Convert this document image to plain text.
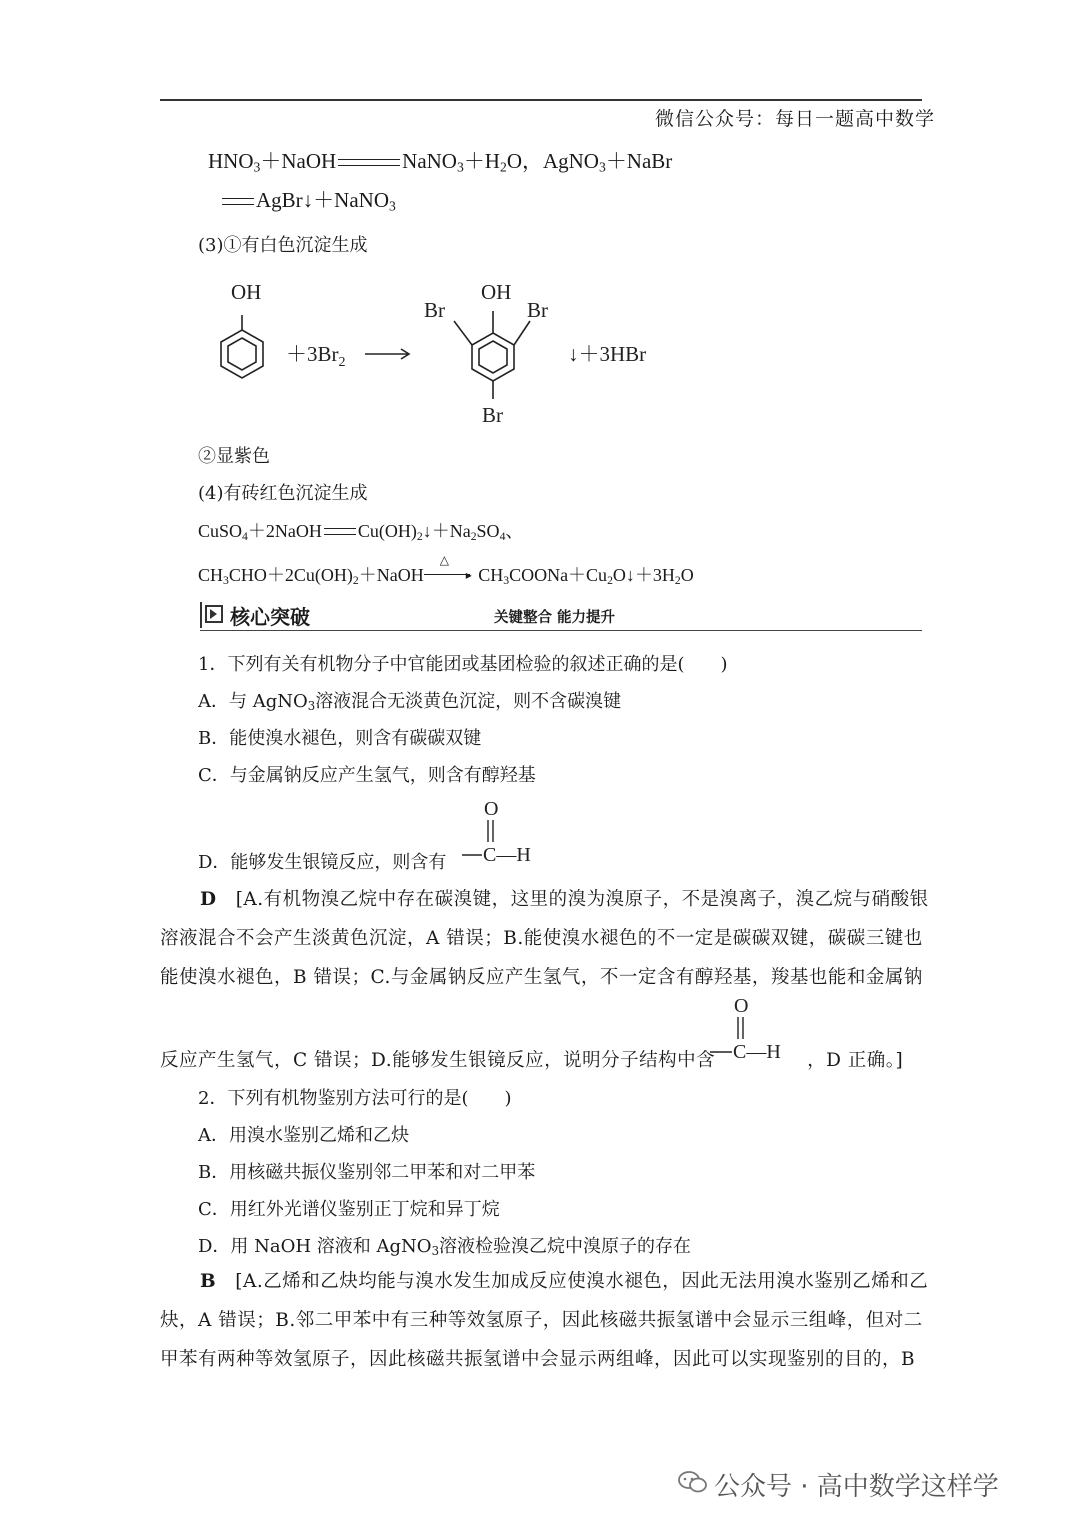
微信公众号：每日一题高中数学
$HNO_3+NaOH$	$NaNO_3+H_2O$，AgNO$_3$＋NaBr
AgBr↓＋NaNO$_3$
(3)①有白色沉淀生成
OH
$+3Br_2$
OH
Br	Br
Br
↓＋3HBr
②显紫色
(4)有砖红色沉淀生成
CuSO$_4$＋2NaOH $Cu(OH)_2↓+Na_2SO_4$、
$CH_3CHO+2Cu(OH)_2+NaOH$	▸
△
$CH_3COONa+Cu_2O↓+3H_2O$
核心突破	关键整合 能力提升
1．下列有关有机物分子中官能团或基团检验的叙述正确的是(　　)
A．与 AgNO$_3$溶液混合无淡黄色沉淀，则不含碳溴键
B．能使溴水褪色，则含有碳碳双键
C．与金属钠反应产生氢气，则含有醇羟基
D．能够发生银镜反应，则含有
O
C—H
D [A.有机物溴乙烷中存在碳溴键，这里的溴为溴原子，不是溴离子，溴乙烷与硝酸银
溶液混合不会产生淡黄色沉淀，A 错误；B.能使溴水褪色的不一定是碳碳双键，碳碳三键也
能使溴水褪色，B 错误；C.与金属钠反应产生氢气，不一定含有醇羟基，羧基也能和金属钠
反应产生氢气，C 错误；D.能够发生银镜反应，说明分子结构中含	，D 正确。]
O
C—H
2．下列有机物鉴别方法可行的是(　　)
A．用溴水鉴别乙烯和乙炔
B．用核磁共振仪鉴别邻二甲苯和对二甲苯
C．用红外光谱仪鉴别正丁烷和异丁烷
D．用 NaOH 溶液和 AgNO$_3$溶液检验溴乙烷中溴原子的存在
B [A.乙烯和乙炔均能与溴水发生加成反应使溴水褪色，因此无法用溴水鉴别乙烯和乙
炔，A 错误；B.邻二甲苯中有三种等效氢原子，因此核磁共振氢谱中会显示三组峰，但对二
甲苯有两种等效氢原子，因此核磁共振氢谱中会显示两组峰，因此可以实现鉴别的目的，B
公众号 · 高中数学这样学
